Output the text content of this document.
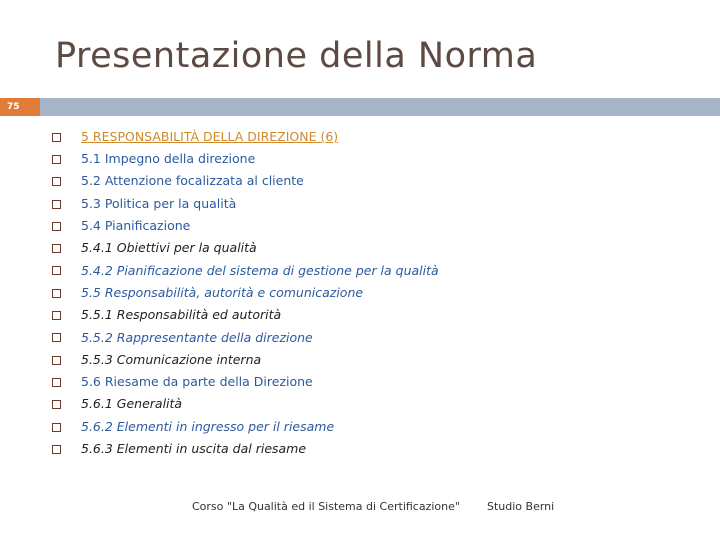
Presentazione della Norma
75
5 RESPONSABILITÀ DELLA DIREZIONE (6)
5.1 Impegno della direzione
5.2 Attenzione focalizzata al cliente
5.3 Politica per la qualità
5.4 Pianificazione
5.4.1 Obiettivi per la qualità
5.4.2 Pianificazione del sistema di gestione per la qualità
5.5 Responsabilità, autorità e comunicazione
5.5.1 Responsabilità ed autorità
5.5.2 Rappresentante della direzione
5.5.3 Comunicazione interna
5.6 Riesame da parte della Direzione
5.6.1 Generalità
5.6.2 Elementi in ingresso per il riesame
5.6.3 Elementi in uscita dal riesame
Corso "La Qualità ed il Sistema di Certificazione" Studio Berni
